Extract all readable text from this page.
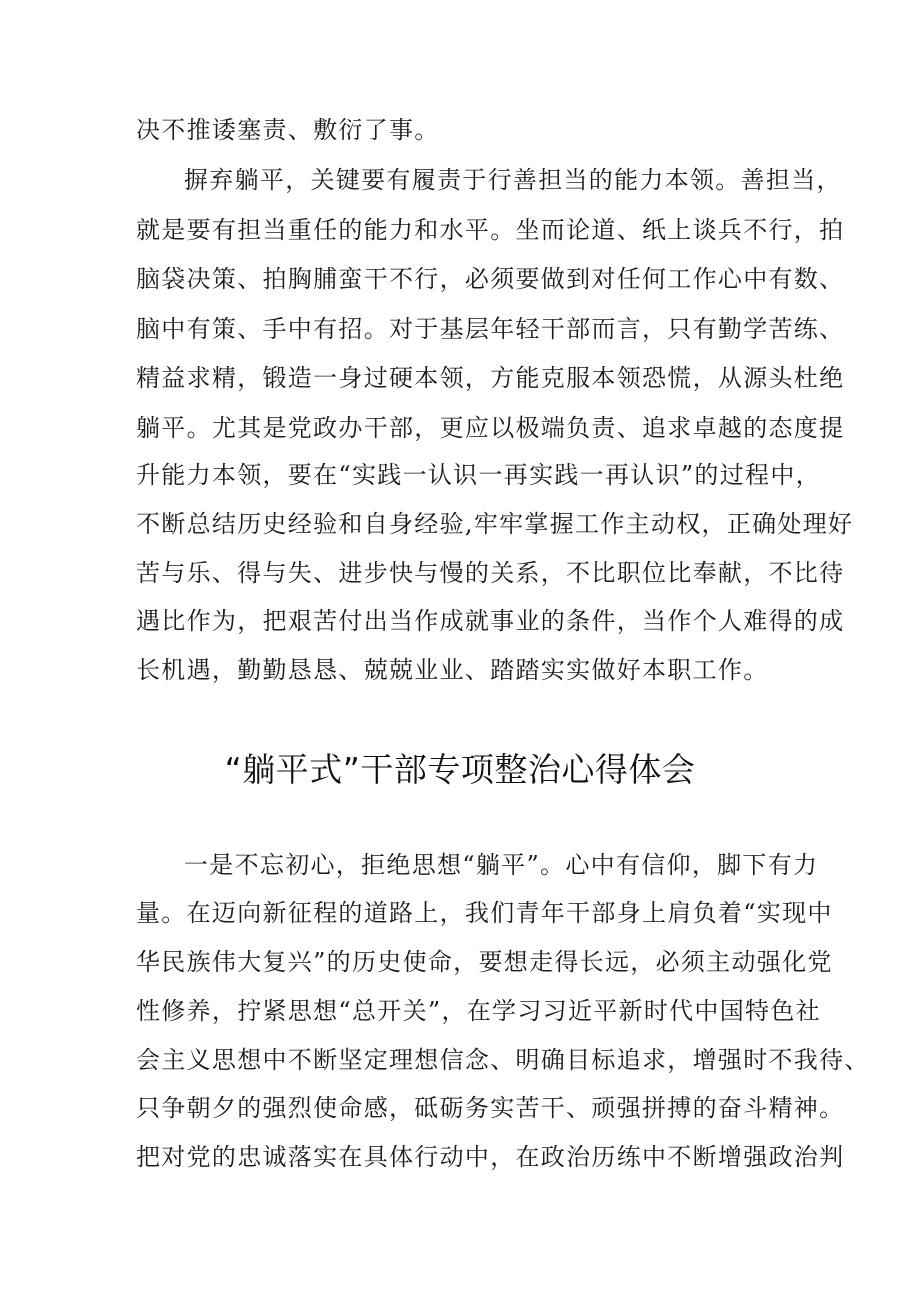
决不推诿塞责、敷衍了事。
摒弃躺平，关键要有履责于行善担当的能力本领。善担当，
就是要有担当重任的能力和水平。坐而论道、纸上谈兵不行，拍
脑袋决策、拍胸脯蛮干不行，必须要做到对任何工作心中有数、
脑中有策、手中有招。对于基层年轻干部而言，只有勤学苦练、
精益求精，锻造一身过硬本领，方能克服本领恐慌，从源头杜绝
躺平。尤其是党政办干部，更应以极端负责、追求卓越的态度提
升能力本领，要在“实践一认识一再实践一再认识”的过程中，
不断总结历史经验和自身经验,牢牢掌握工作主动权，正确处理好
苦与乐、得与失、进步快与慢的关系，不比职位比奉献，不比待
遇比作为，把艰苦付出当作成就事业的条件，当作个人难得的成
长机遇，勤勤恳恳、兢兢业业、踏踏实实做好本职工作。
“躺平式”干部专项整治心得体会
一是不忘初心，拒绝思想“躺平”。心中有信仰，脚下有力
量。在迈向新征程的道路上，我们青年干部身上肩负着“实现中
华民族伟大复兴”的历史使命，要想走得长远，必须主动强化党
性修养，拧紧思想“总开关”，在学习习近平新时代中国特色社
会主义思想中不断坚定理想信念、明确目标追求，增强时不我待、
只争朝夕的强烈使命感，砥砺务实苦干、顽强拼搏的奋斗精神。
把对党的忠诚落实在具体行动中，在政治历练中不断增强政治判
